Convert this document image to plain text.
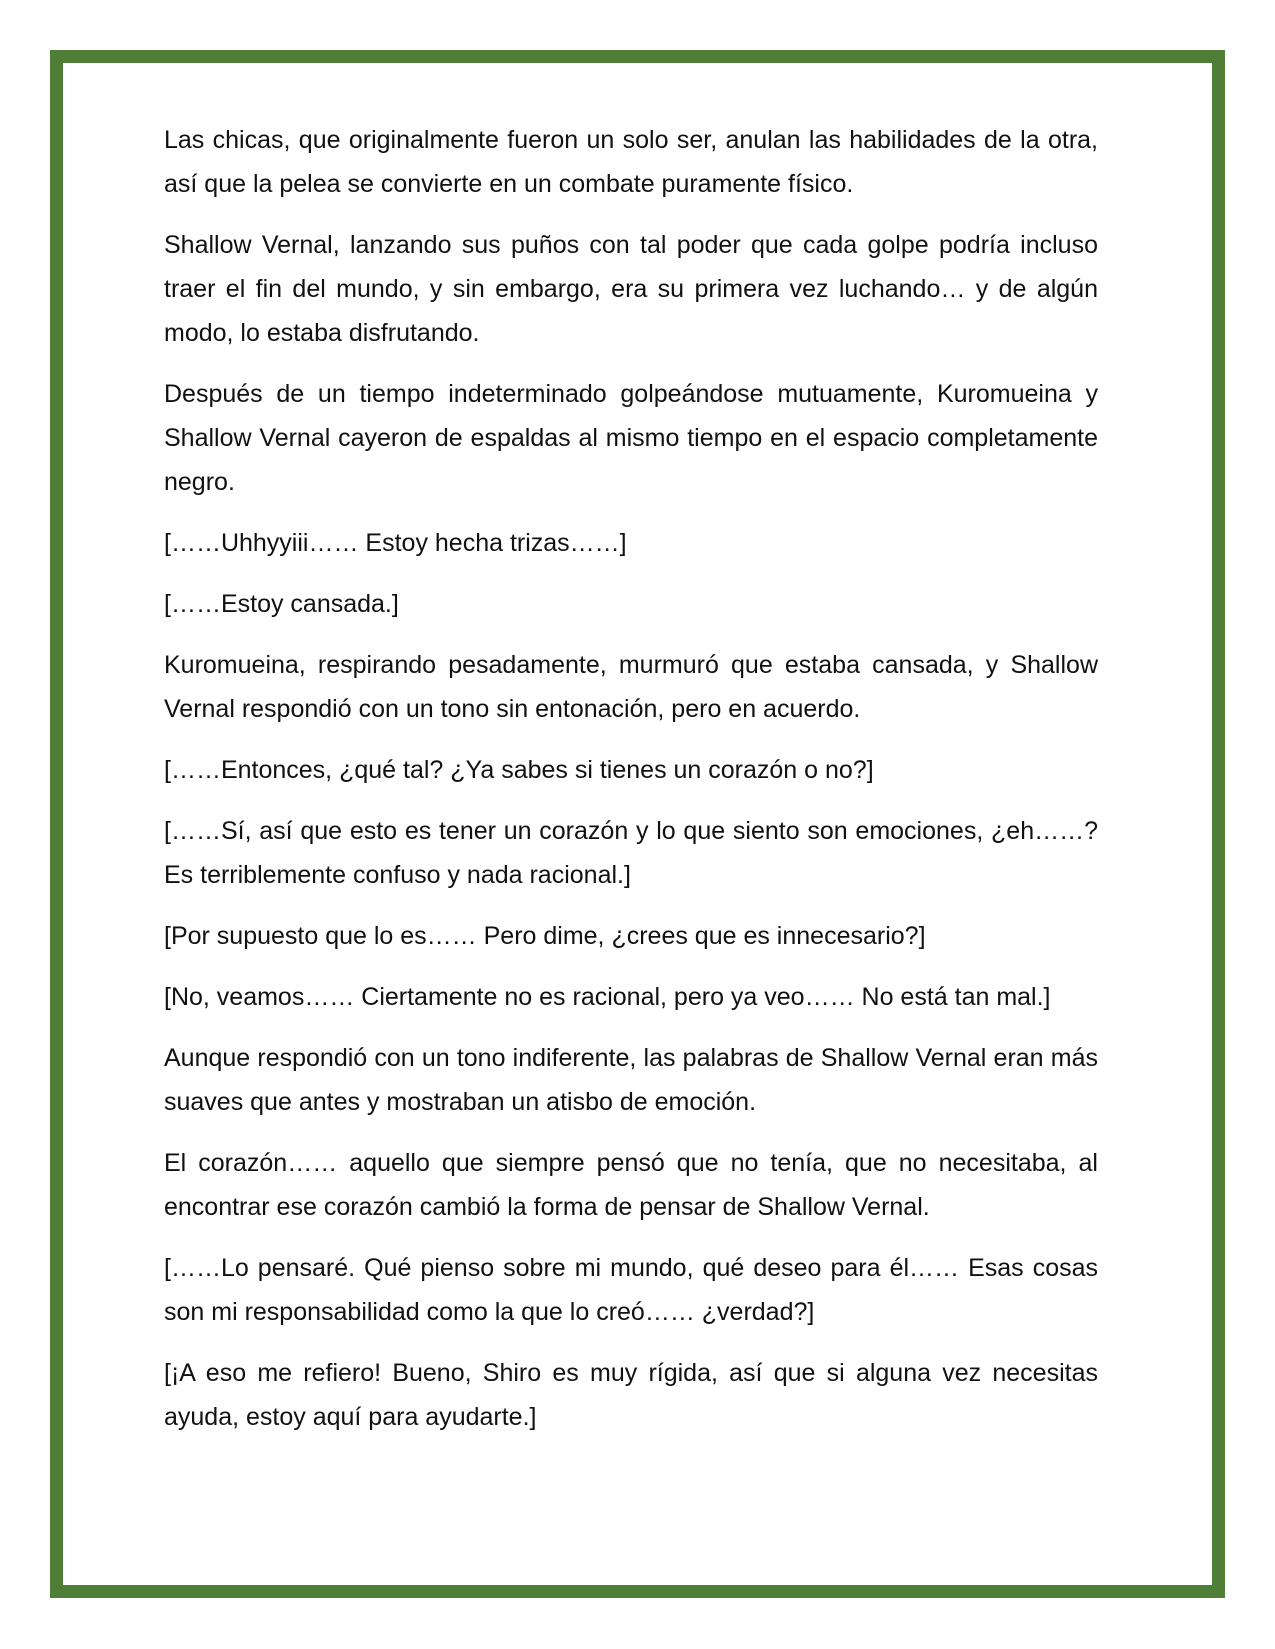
Las chicas, que originalmente fueron un solo ser, anulan las habilidades de la otra, así que la pelea se convierte en un combate puramente físico.

Shallow Vernal, lanzando sus puños con tal poder que cada golpe podría incluso traer el fin del mundo, y sin embargo, era su primera vez luchando… y de algún modo, lo estaba disfrutando.

Después de un tiempo indeterminado golpeándose mutuamente, Kuromueina y Shallow Vernal cayeron de espaldas al mismo tiempo en el espacio completamente negro.

[……Uhhyyiii…… Estoy hecha trizas……]

[……Estoy cansada.]

Kuromueina, respirando pesadamente, murmuró que estaba cansada, y Shallow Vernal respondió con un tono sin entonación, pero en acuerdo.

[……Entonces, ¿qué tal? ¿Ya sabes si tienes un corazón o no?]

[……Sí, así que esto es tener un corazón y lo que siento son emociones, ¿eh……? Es terriblemente confuso y nada racional.]

[Por supuesto que lo es…… Pero dime, ¿crees que es innecesario?]

[No, veamos…… Ciertamente no es racional, pero ya veo…… No está tan mal.]

Aunque respondió con un tono indiferente, las palabras de Shallow Vernal eran más suaves que antes y mostraban un atisbo de emoción.

El corazón…… aquello que siempre pensó que no tenía, que no necesitaba, al encontrar ese corazón cambió la forma de pensar de Shallow Vernal.

[……Lo pensaré. Qué pienso sobre mi mundo, qué deseo para él…… Esas cosas son mi responsabilidad como la que lo creó…… ¿verdad?]

[¡A eso me refiero! Bueno, Shiro es muy rígida, así que si alguna vez necesitas ayuda, estoy aquí para ayudarte.]
